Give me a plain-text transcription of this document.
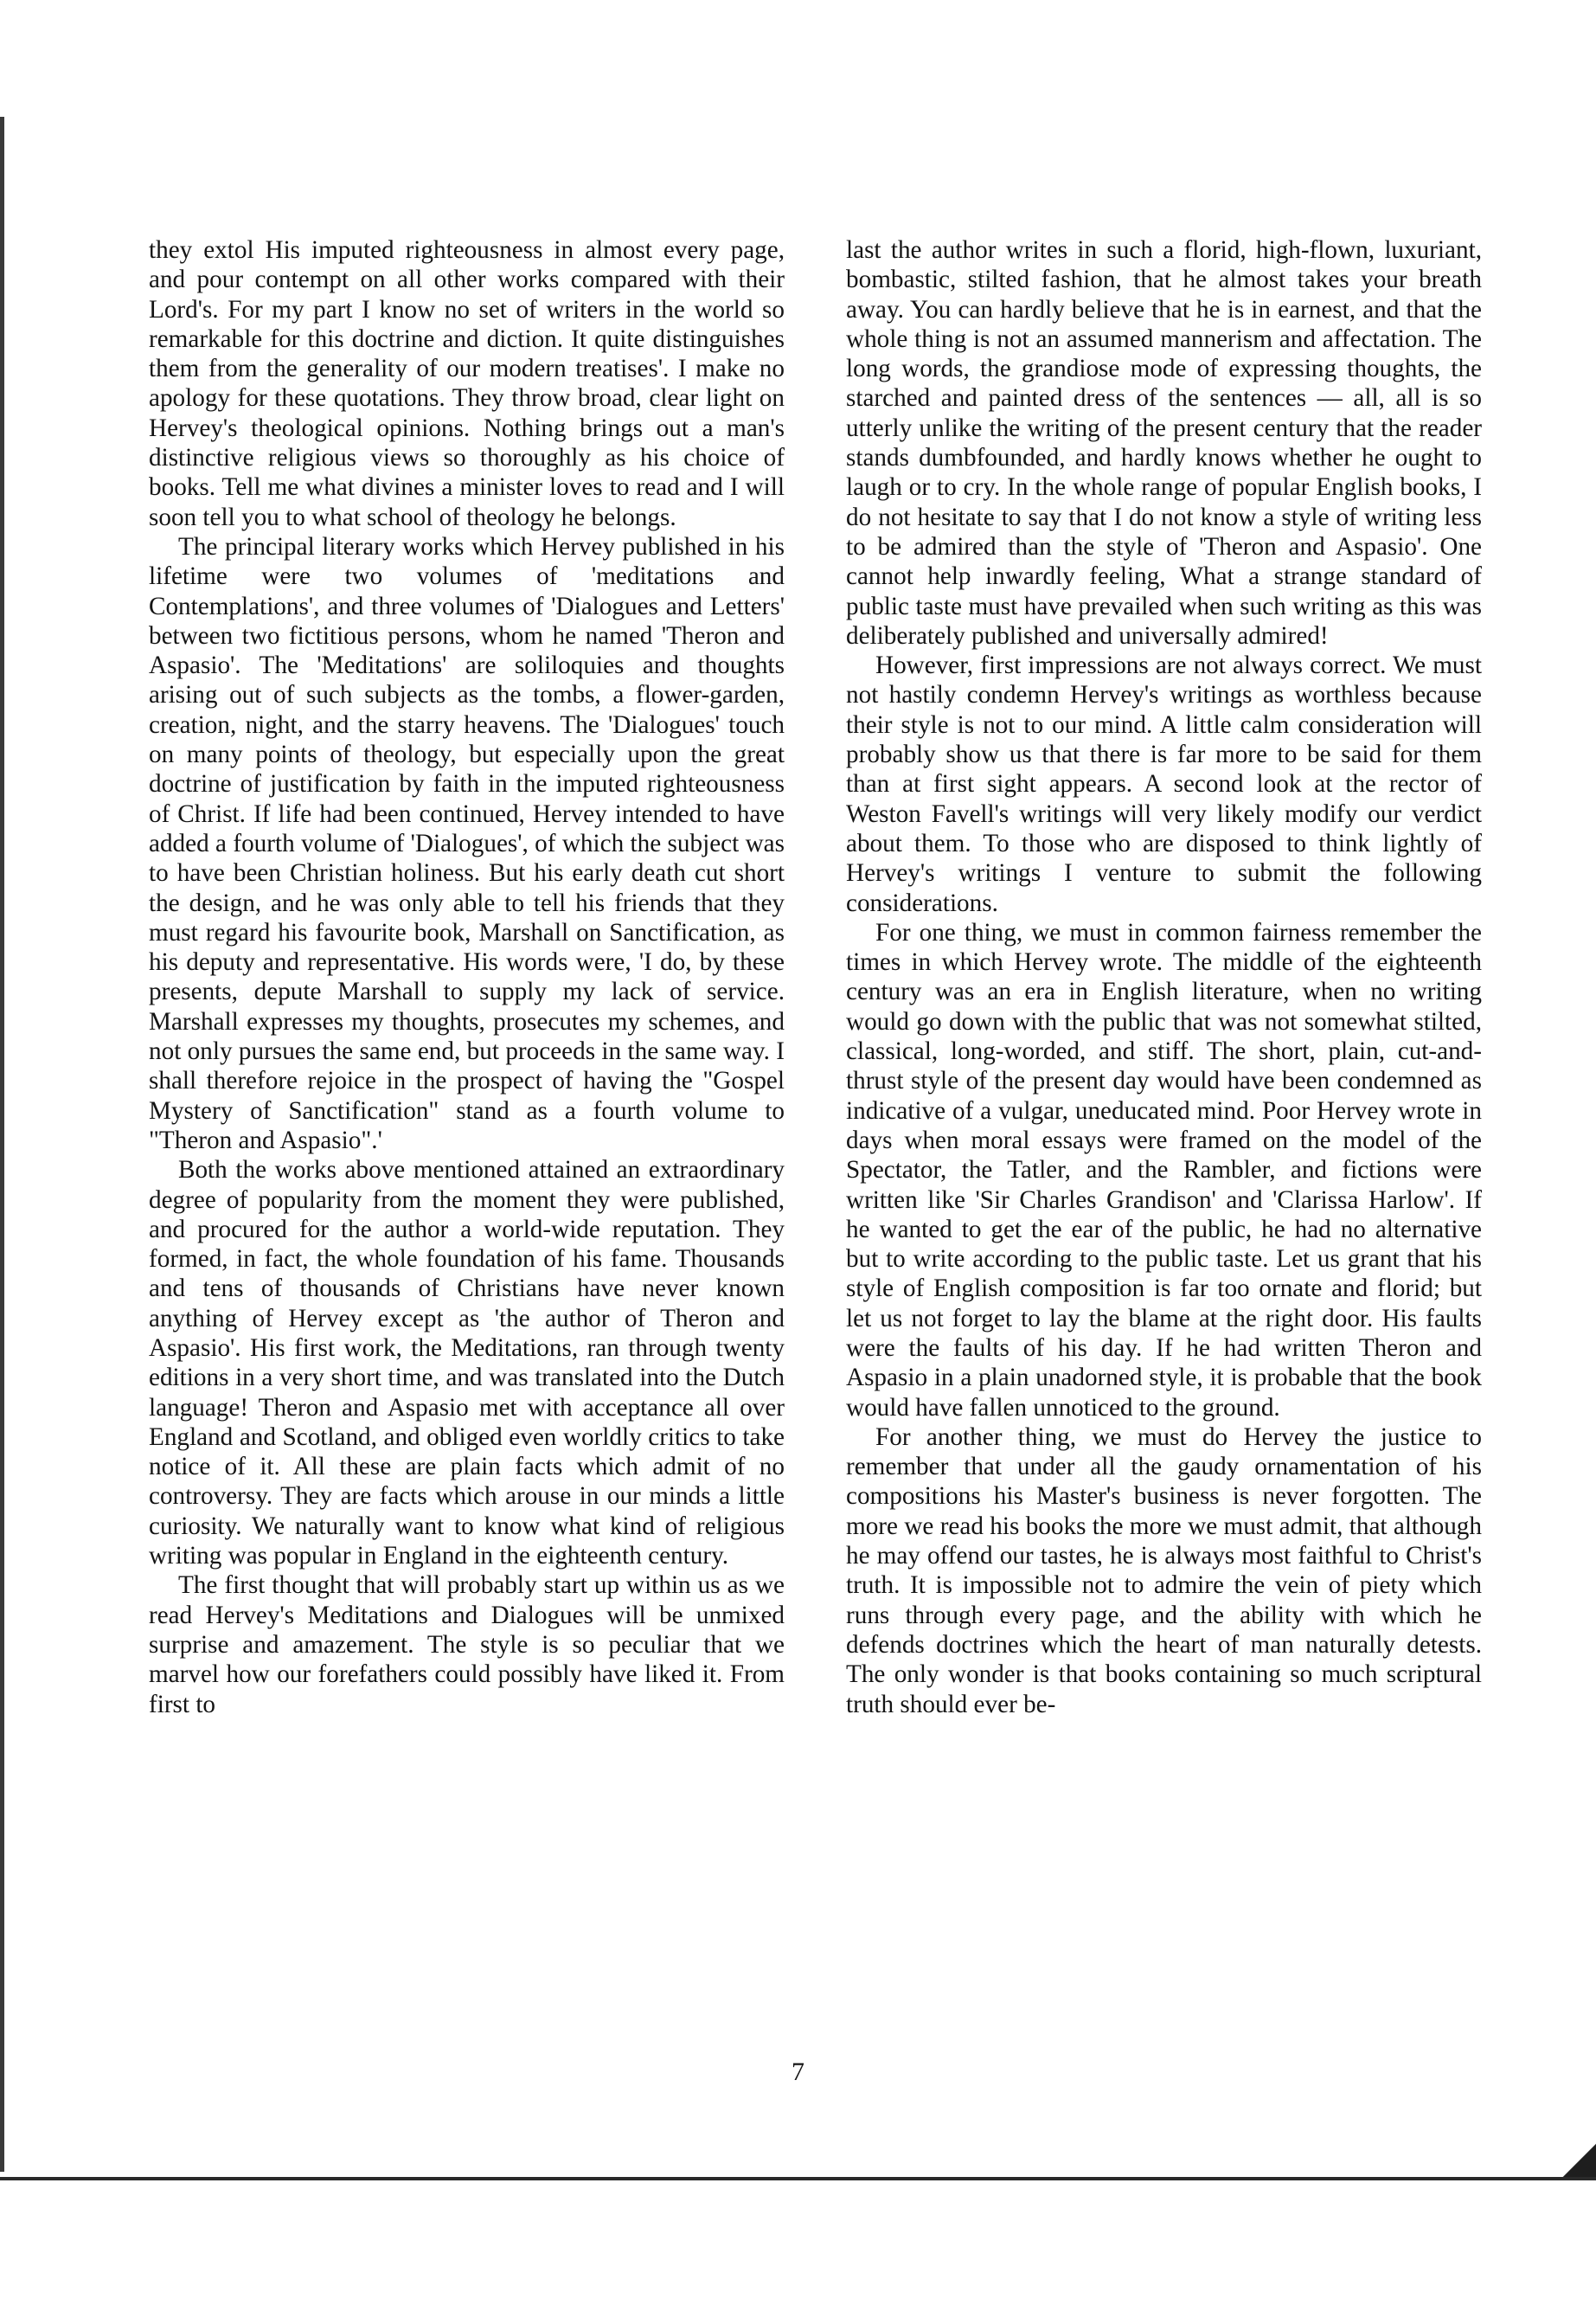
they extol His imputed righteousness in almost every page, and pour contempt on all other works compared with their Lord's. For my part I know no set of writers in the world so remarkable for this doctrine and diction. It quite distinguishes them from the generality of our modern treatises'. I make no apology for these quotations. They throw broad, clear light on Hervey's theological opinions. Nothing brings out a man's distinctive religious views so thoroughly as his choice of books. Tell me what divines a minister loves to read and I will soon tell you to what school of theology he belongs.

The principal literary works which Hervey published in his lifetime were two volumes of 'meditations and Contemplations', and three volumes of 'Dialogues and Letters' between two fictitious persons, whom he named 'Theron and Aspasio'. The 'Meditations' are soliloquies and thoughts arising out of such subjects as the tombs, a flower-garden, creation, night, and the starry heavens. The 'Dialogues' touch on many points of theology, but especially upon the great doctrine of justification by faith in the imputed righteousness of Christ. If life had been continued, Hervey intended to have added a fourth volume of 'Dialogues', of which the subject was to have been Christian holiness. But his early death cut short the design, and he was only able to tell his friends that they must regard his favourite book, Marshall on Sanctification, as his deputy and representative. His words were, 'I do, by these presents, depute Marshall to supply my lack of service. Marshall expresses my thoughts, prosecutes my schemes, and not only pursues the same end, but proceeds in the same way. I shall therefore rejoice in the prospect of having the "Gospel Mystery of Sanctification" stand as a fourth volume to "Theron and Aspasio".'

Both the works above mentioned attained an extraordinary degree of popularity from the moment they were published, and procured for the author a world-wide reputation. They formed, in fact, the whole foundation of his fame. Thousands and tens of thousands of Christians have never known anything of Hervey except as 'the author of Theron and Aspasio'. His first work, the Meditations, ran through twenty editions in a very short time, and was translated into the Dutch language! Theron and Aspasio met with acceptance all over England and Scotland, and obliged even worldly critics to take notice of it. All these are plain facts which admit of no controversy. They are facts which arouse in our minds a little curiosity. We naturally want to know what kind of religious writing was popular in England in the eighteenth century.

The first thought that will probably start up within us as we read Hervey's Meditations and Dialogues will be unmixed surprise and amazement. The style is so peculiar that we marvel how our forefathers could possibly have liked it. From first to

last the author writes in such a florid, high-flown, luxuriant, bombastic, stilted fashion, that he almost takes your breath away. You can hardly believe that he is in earnest, and that the whole thing is not an assumed mannerism and affectation. The long words, the grandiose mode of expressing thoughts, the starched and painted dress of the sentences — all, all is so utterly unlike the writing of the present century that the reader stands dumbfounded, and hardly knows whether he ought to laugh or to cry. In the whole range of popular English books, I do not hesitate to say that I do not know a style of writing less to be admired than the style of 'Theron and Aspasio'. One cannot help inwardly feeling, What a strange standard of public taste must have prevailed when such writing as this was deliberately published and universally admired!

However, first impressions are not always correct. We must not hastily condemn Hervey's writings as worthless because their style is not to our mind. A little calm consideration will probably show us that there is far more to be said for them than at first sight appears. A second look at the rector of Weston Favell's writings will very likely modify our verdict about them. To those who are disposed to think lightly of Hervey's writings I venture to submit the following considerations.

For one thing, we must in common fairness remember the times in which Hervey wrote. The middle of the eighteenth century was an era in English literature, when no writing would go down with the public that was not somewhat stilted, classical, long-worded, and stiff. The short, plain, cut-and-thrust style of the present day would have been condemned as indicative of a vulgar, uneducated mind. Poor Hervey wrote in days when moral essays were framed on the model of the Spectator, the Tatler, and the Rambler, and fictions were written like 'Sir Charles Grandison' and 'Clarissa Harlow'. If he wanted to get the ear of the public, he had no alternative but to write according to the public taste. Let us grant that his style of English composition is far too ornate and florid; but let us not forget to lay the blame at the right door. His faults were the faults of his day. If he had written Theron and Aspasio in a plain unadorned style, it is probable that the book would have fallen unnoticed to the ground.

For another thing, we must do Hervey the justice to remember that under all the gaudy ornamentation of his compositions his Master's business is never forgotten. The more we read his books the more we must admit, that although he may offend our tastes, he is always most faithful to Christ's truth. It is impossible not to admire the vein of piety which runs through every page, and the ability with which he defends doctrines which the heart of man naturally detests. The only wonder is that books containing so much scriptural truth should ever be-

7
